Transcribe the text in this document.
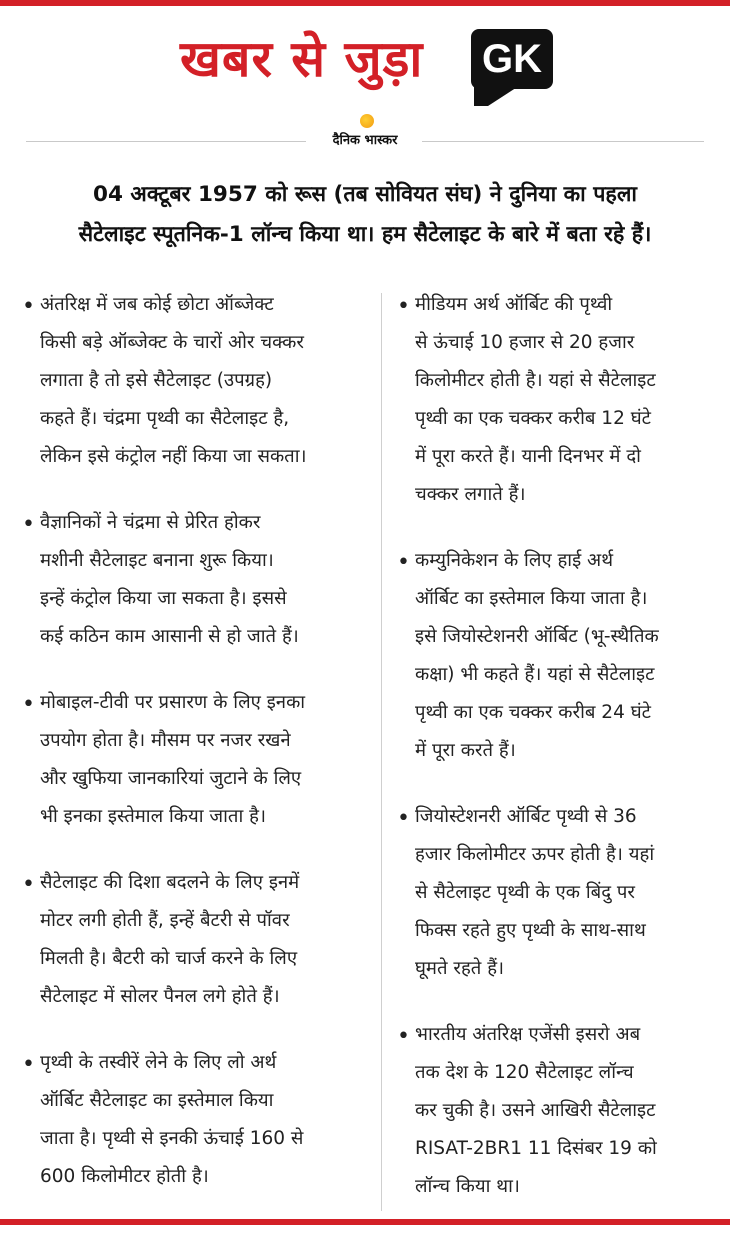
खबर से जुड़ा GK
दैनिक भास्कर
04 अक्टूबर 1957 को रूस (तब सोवियत संघ) ने दुनिया का पहला
सैटेलाइट स्पूतनिक-1 लॉन्च किया था। हम सैटेलाइट के बारे में बता रहे हैं।
• अंतरिक्ष में जब कोई छोटा ऑब्जेक्ट
किसी बड़े ऑब्जेक्ट के चारों ओर चक्कर
लगाता है तो इसे सैटेलाइट (उपग्रह)
कहते हैं। चंद्रमा पृथ्वी का सैटेलाइट है,
लेकिन इसे कंट्रोल नहीं किया जा सकता।
• वैज्ञानिकों ने चंद्रमा से प्रेरित होकर
मशीनी सैटेलाइट बनाना शुरू किया।
इन्हें कंट्रोल किया जा सकता है। इससे
कई कठिन काम आसानी से हो जाते हैं।
• मोबाइल-टीवी पर प्रसारण के लिए इनका
उपयोग होता है। मौसम पर नजर रखने
और खुफिया जानकारियां जुटाने के लिए
भी इनका इस्तेमाल किया जाता है।
• सैटेलाइट की दिशा बदलने के लिए इनमें
मोटर लगी होती हैं, इन्हें बैटरी से पॉवर
मिलती है। बैटरी को चार्ज करने के लिए
सैटेलाइट में सोलर पैनल लगे होते हैं।
• पृथ्वी के तस्वीरें लेने के लिए लो अर्थ
ऑर्बिट सैटेलाइट का इस्तेमाल किया
जाता है। पृथ्वी से इनकी ऊंचाई 160 से
600 किलोमीटर होती है।
• मीडियम अर्थ ऑर्बिट की पृथ्वी
से ऊंचाई 10 हजार से 20 हजार
किलोमीटर होती है। यहां से सैटेलाइट
पृथ्वी का एक चक्कर करीब 12 घंटे
में पूरा करते हैं। यानी दिनभर में दो
चक्कर लगाते हैं।
• कम्युनिकेशन के लिए हाई अर्थ
ऑर्बिट का इस्तेमाल किया जाता है।
इसे जियोस्टेशनरी ऑर्बिट (भू-स्थैतिक
कक्षा) भी कहते हैं। यहां से सैटेलाइट
पृथ्वी का एक चक्कर करीब 24 घंटे
में पूरा करते हैं।
• जियोस्टेशनरी ऑर्बिट पृथ्वी से 36
हजार किलोमीटर ऊपर होती है। यहां
से सैटेलाइट पृथ्वी के एक बिंदु पर
फिक्स रहते हुए पृथ्वी के साथ-साथ
घूमते रहते हैं।
• भारतीय अंतरिक्ष एजेंसी इसरो अब
तक देश के 120 सैटेलाइट लॉन्च
कर चुकी है। उसने आखिरी सैटेलाइट
RISAT-2BR1 11 दिसंबर 19 को
लॉन्च किया था।
